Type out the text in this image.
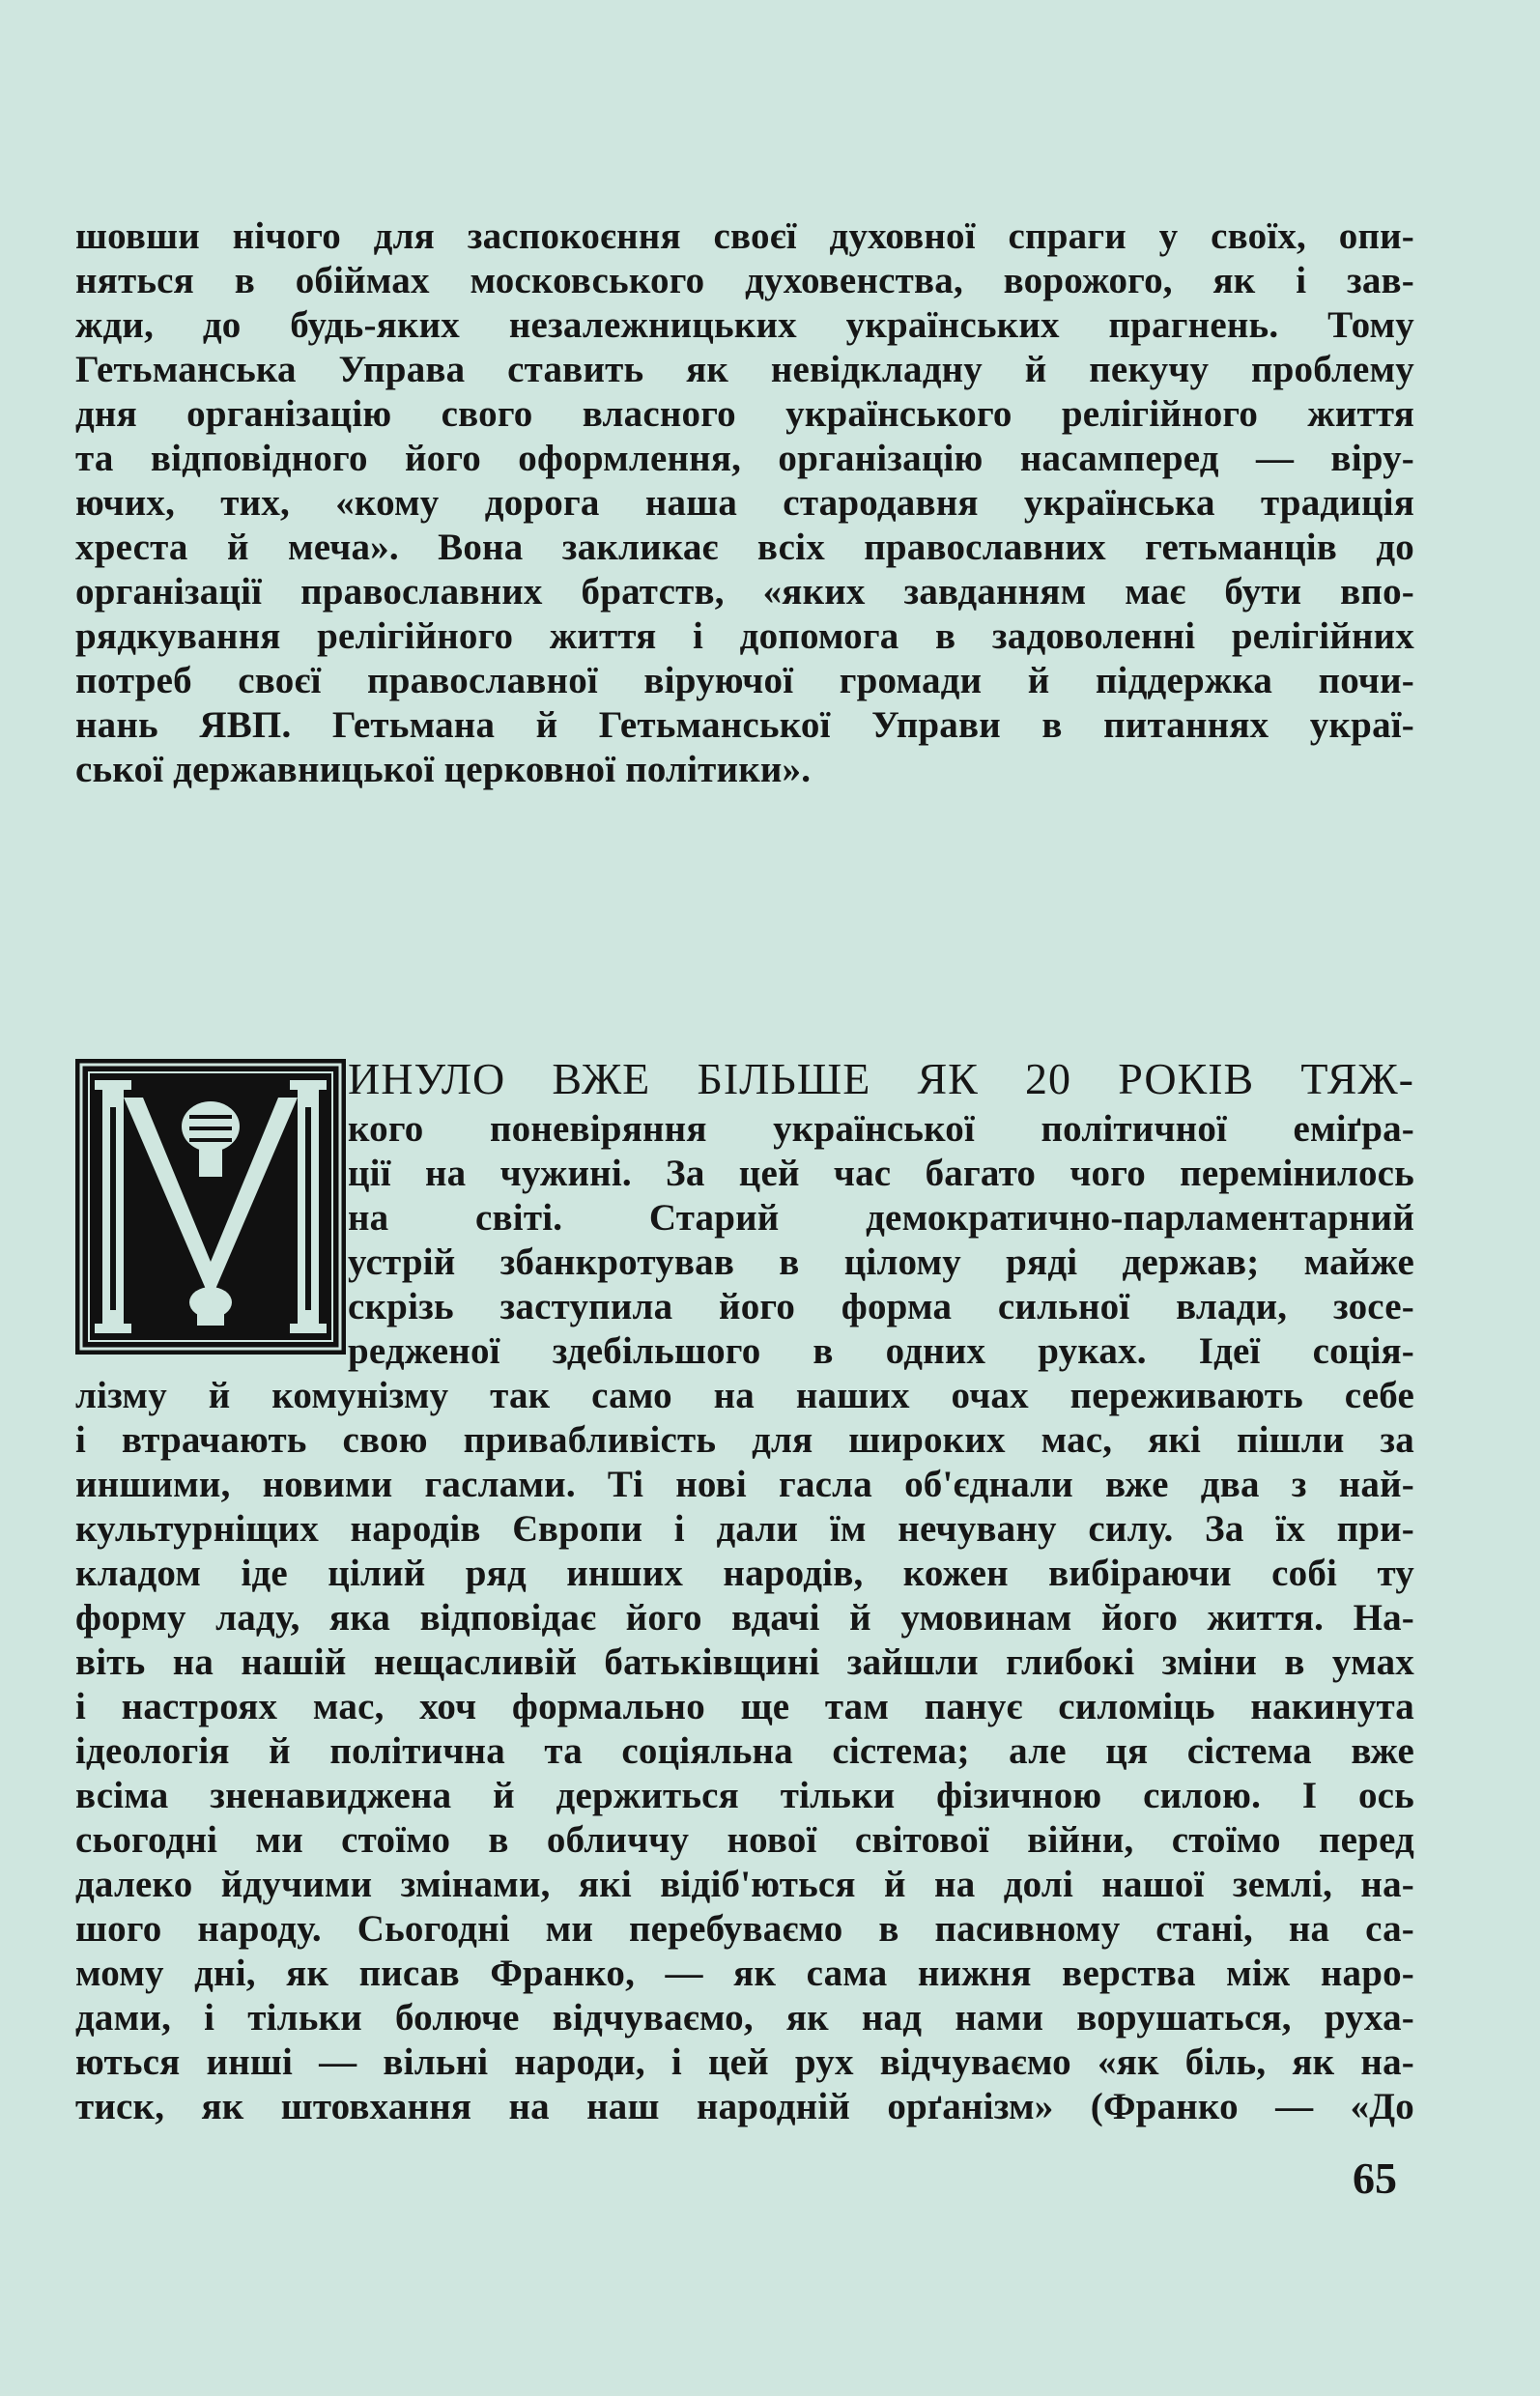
шовши нічого для заспокоєння своєї духовної спраги у своїх, опи-
няться в обіймах московського духовенства, ворожого, як і зав-
жди, до будь-яких незалежницьких українських прагнень. Тому
Гетьманська Управа ставить як невідкладну й пекучу проблему
дня організацію свого власного українського релігійного життя
та відповідного його оформлення, організацію насамперед — віру-
ючих, тих, «кому дорога наша стародавня українська традиція
хреста й меча». Вона закликає всіх православних гетьманців до
організації православних братств, «яких завданням має бути впо-
рядкування релігійного життя і допомога в задоволенні релігійних
потреб своєї православної віруючої громади й піддержка почи-
нань ЯВП. Гетьмана й Гетьманської Управи в питаннях украї-
ської державницької церковної політики».
ИНУЛО ВЖЕ БІЛЬШЕ ЯК 20 РОКІВ ТЯЖ-
кого поневіряння української політичної еміґра-
ції на чужині. За цей час багато чого перемінилось
на світі. Старий демократично-парламентарний
устрій збанкротував в цілому ряді держав; майже
скрізь заступила його форма сильної влади, зосе-
редженої здебільшого в одних руках. Ідеї соція-
лізму й комунізму так само на наших очах переживають себе
і втрачають свою привабливість для широких мас, які пішли за
иншими, новими гаслами. Ті нові гасла об'єднали вже два з най-
культурніщих народів Європи і дали їм нечувану силу. За їх при-
кладом іде цілий ряд инших народів, кожен вибіраючи собі ту
форму ладу, яка відповідає його вдачі й умовинам його життя. На-
віть на нашій нещасливій батьківщині зайшли глибокі зміни в умах
і настроях мас, хоч формально ще там панує силоміць накинута
ідеологія й політична та соціяльна сістема; але ця сістема вже
всіма зненавиджена й держиться тільки фізичною силою. І ось
сьогодні ми стоїмо в обличчу нової світової війни, стоїмо перед
далеко йдучими змінами, які відіб'ються й на долі нашої землі, на-
шого народу. Сьогодні ми перебуваємо в пасивному стані, на са-
мому дні, як писав Франко, — як сама нижня верства між наро-
дами, і тільки болюче відчуваємо, як над нами ворушаться, руха-
ються инші — вільні народи, і цей рух відчуваємо «як біль, як на-
тиск, як штовхання на наш народній орґанізм» (Франко — «До
65
